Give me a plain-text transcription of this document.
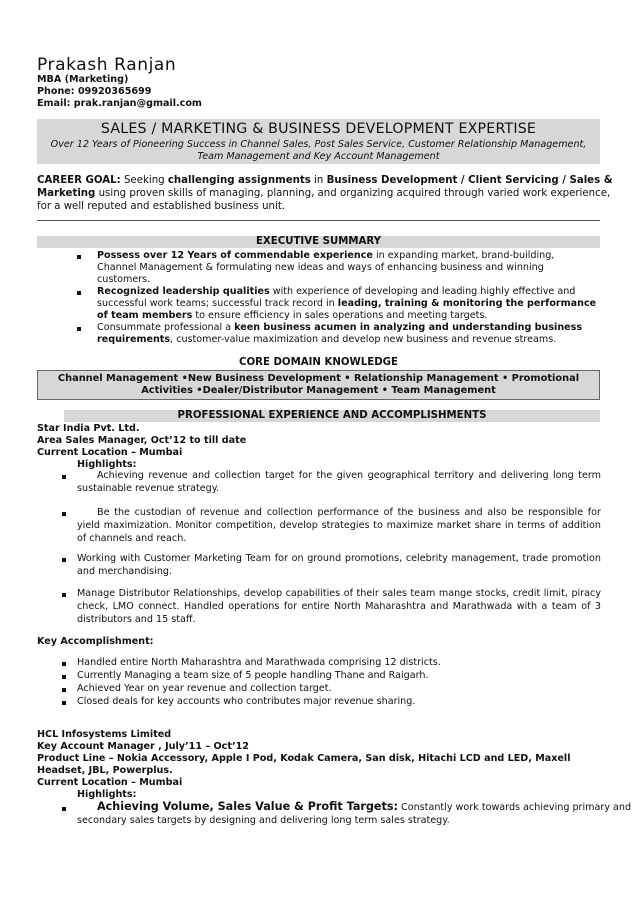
Prakash Ranjan
MBA (Marketing)
Phone: 09920365699
Email: prak.ranjan@gmail.com
SALES / MARKETING & BUSINESS DEVELOPMENT EXPERTISE
Over 12 Years of Pioneering Success in Channel Sales, Post Sales Service, Customer Relationship Management,
Team Management and Key Account Management
CAREER GOAL: Seeking challenging assignments in Business Development / Client Servicing / Sales &
Marketing using proven skills of managing, planning, and organizing acquired through varied work experience,
for a well reputed and established business unit.
EXECUTIVE SUMMARY
Possess over 12 Years of commendable experience in expanding market, brand-building,
Channel Management & formulating new ideas and ways of enhancing business and winning
customers.
Recognized leadership qualities with experience of developing and leading highly effective and
successful work teams; successful track record in leading, training & monitoring the performance
of team members to ensure efficiency in sales operations and meeting targets.
Consummate professional a keen business acumen in analyzing and understanding business
requirements, customer-value maximization and develop new business and revenue streams.
CORE DOMAIN KNOWLEDGE
Channel Management •New Business Development • Relationship Management • Promotional
Activities •Dealer/Distributor Management • Team Management
PROFESSIONAL EXPERIENCE AND ACCOMPLISHMENTS
Star India Pvt. Ltd.
Area Sales Manager, Oct’12 to till date
Current Location – Mumbai
Highlights:
Achieving revenue and collection target for the given geographical territory and delivering long term sustainable revenue strategy.
Be the custodian of revenue and collection performance of the business and also be responsible for yield maximization. Monitor competition, develop strategies to maximize market share in terms of addition of channels and reach.
Working with Customer Marketing Team for on ground promotions, celebrity management, trade promotion and merchandising.
Manage Distributor Relationships, develop capabilities of their sales team mange stocks, credit limit, piracy check, LMO connect. Handled operations for entire North Maharashtra and Marathwada with a team of 3 distributors and 15 staff.
Key Accomplishment:
Handled entire North Maharashtra and Marathwada comprising 12 districts.
Currently Managing a team size of 5 people handling Thane and Raigarh.
Achieved Year on year revenue and collection target.
Closed deals for key accounts who contributes major revenue sharing.
HCL Infosystems Limited
Key Account Manager , July’11 – Oct’12
Product Line – Nokia Accessory, Apple I Pod, Kodak Camera, San disk, Hitachi LCD and LED, Maxell
Headset, JBL, Powerplus.
Current Location – Mumbai
Highlights:
Achieving Volume, Sales Value & Profit Targets: Constantly work towards achieving primary and
secondary sales targets by designing and delivering long term sales strategy.
